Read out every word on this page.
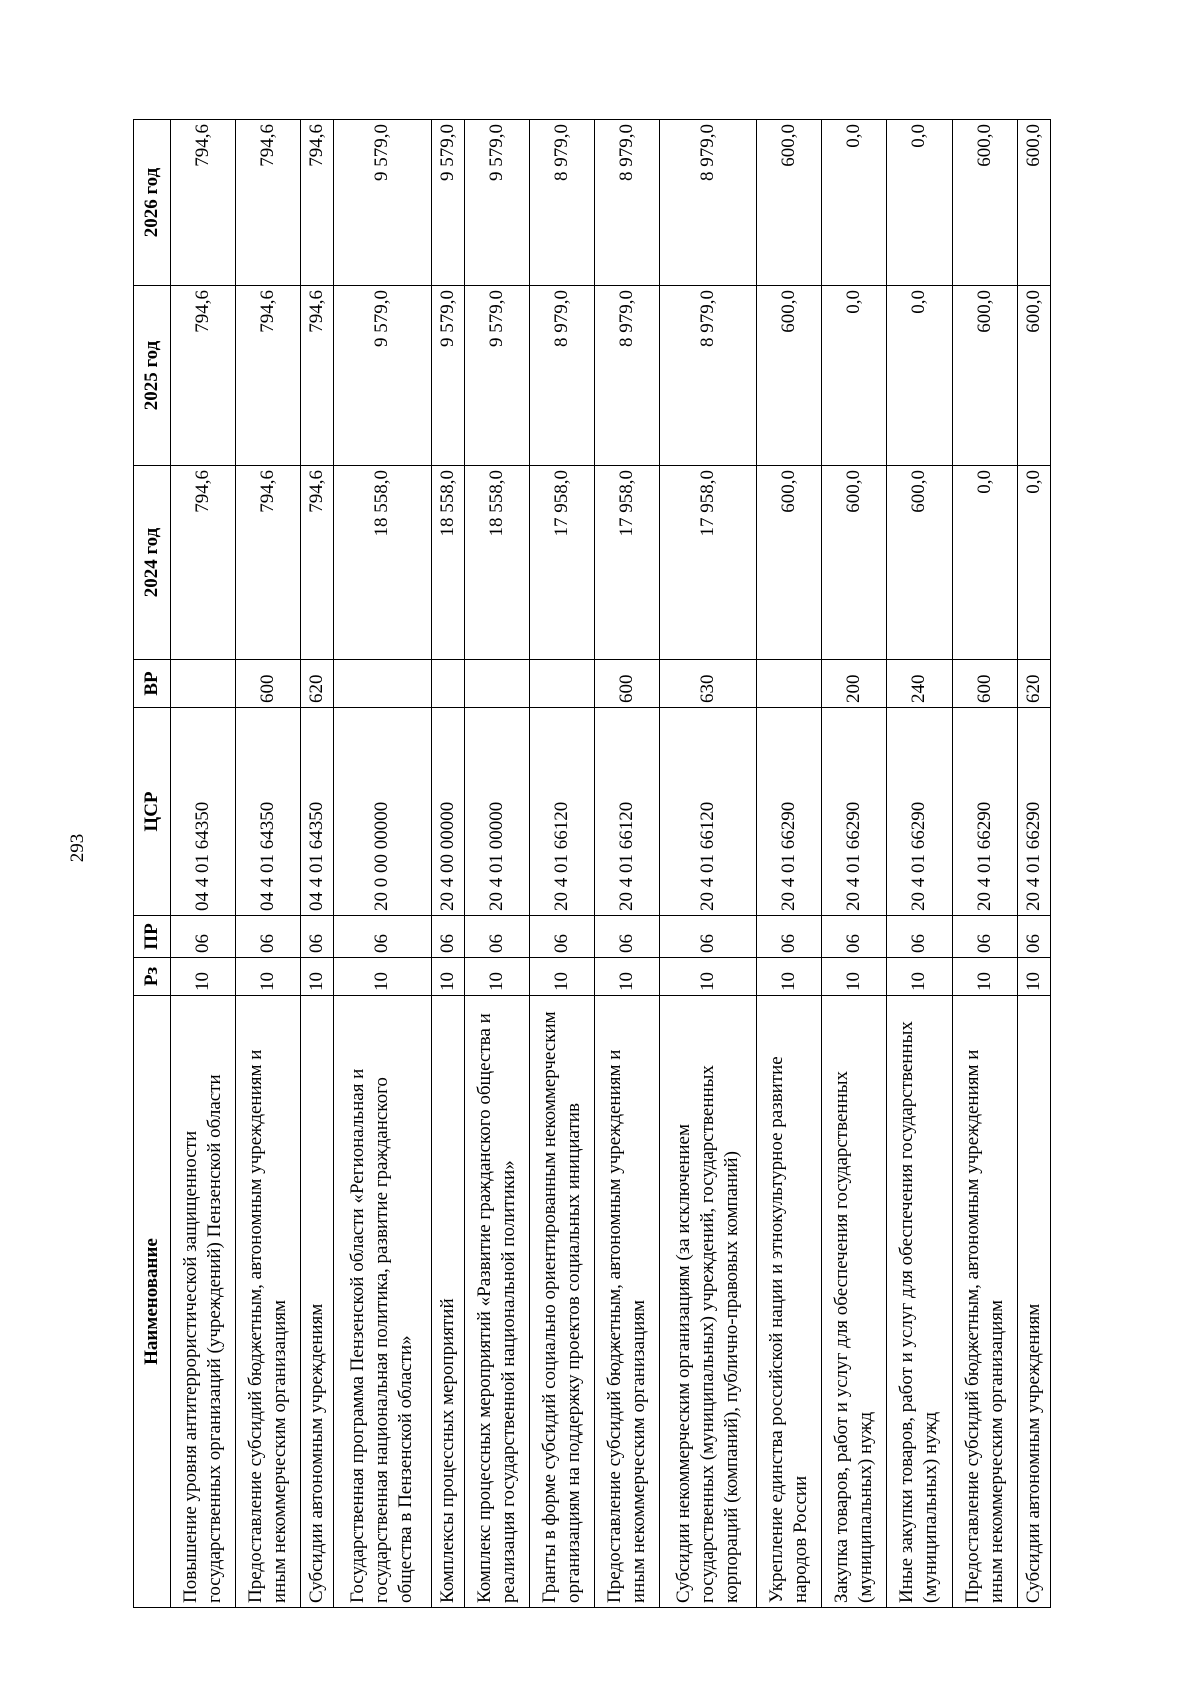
293
Наименование	Рз	ПР	ЦСР	ВР	2024 год	2025 год	2026 год
Повышение уровня антитеррористической защищенности государственных организаций (учреждений) Пензенской области	10	06	04 4 01 64350		794,6	794,6	794,6
Предоставление субсидий бюджетным, автономным учреждениям и иным некоммерческим организациям	10	06	04 4 01 64350	600	794,6	794,6	794,6
Субсидии автономным учреждениям	10	06	04 4 01 64350	620	794,6	794,6	794,6
Государственная программа Пензенской области «Региональная и государственная национальная политика, развитие гражданского общества в Пензенской области»	10	06	20 0 00 00000		18 558,0	9 579,0	9 579,0
Комплексы процессных мероприятий	10	06	20 4 00 00000		18 558,0	9 579,0	9 579,0
Комплекс процессных мероприятий «Развитие гражданского общества и реализация государственной национальной политики»	10	06	20 4 01 00000		18 558,0	9 579,0	9 579,0
Гранты в форме субсидий социально ориентированным некоммерческим организациям на поддержку проектов социальных инициатив	10	06	20 4 01 66120		17 958,0	8 979,0	8 979,0
Предоставление субсидий бюджетным, автономным учреждениям и иным некоммерческим организациям	10	06	20 4 01 66120	600	17 958,0	8 979,0	8 979,0
Субсидии некоммерческим организациям (за исключением государственных (муниципальных) учреждений, государственных корпораций (компаний), публично-правовых компаний)	10	06	20 4 01 66120	630	17 958,0	8 979,0	8 979,0
Укрепление единства российской нации и этнокультурное развитие народов России	10	06	20 4 01 66290		600,0	600,0	600,0
Закупка товаров, работ и услуг для обеспечения государственных (муниципальных) нужд	10	06	20 4 01 66290	200	600,0	0,0	0,0
Иные закупки товаров, работ и услуг для обеспечения государственных (муниципальных) нужд	10	06	20 4 01 66290	240	600,0	0,0	0,0
Предоставление субсидий бюджетным, автономным учреждениям и иным некоммерческим организациям	10	06	20 4 01 66290	600	0,0	600,0	600,0
Субсидии автономным учреждениям	10	06	20 4 01 66290	620	0,0	600,0	600,0
